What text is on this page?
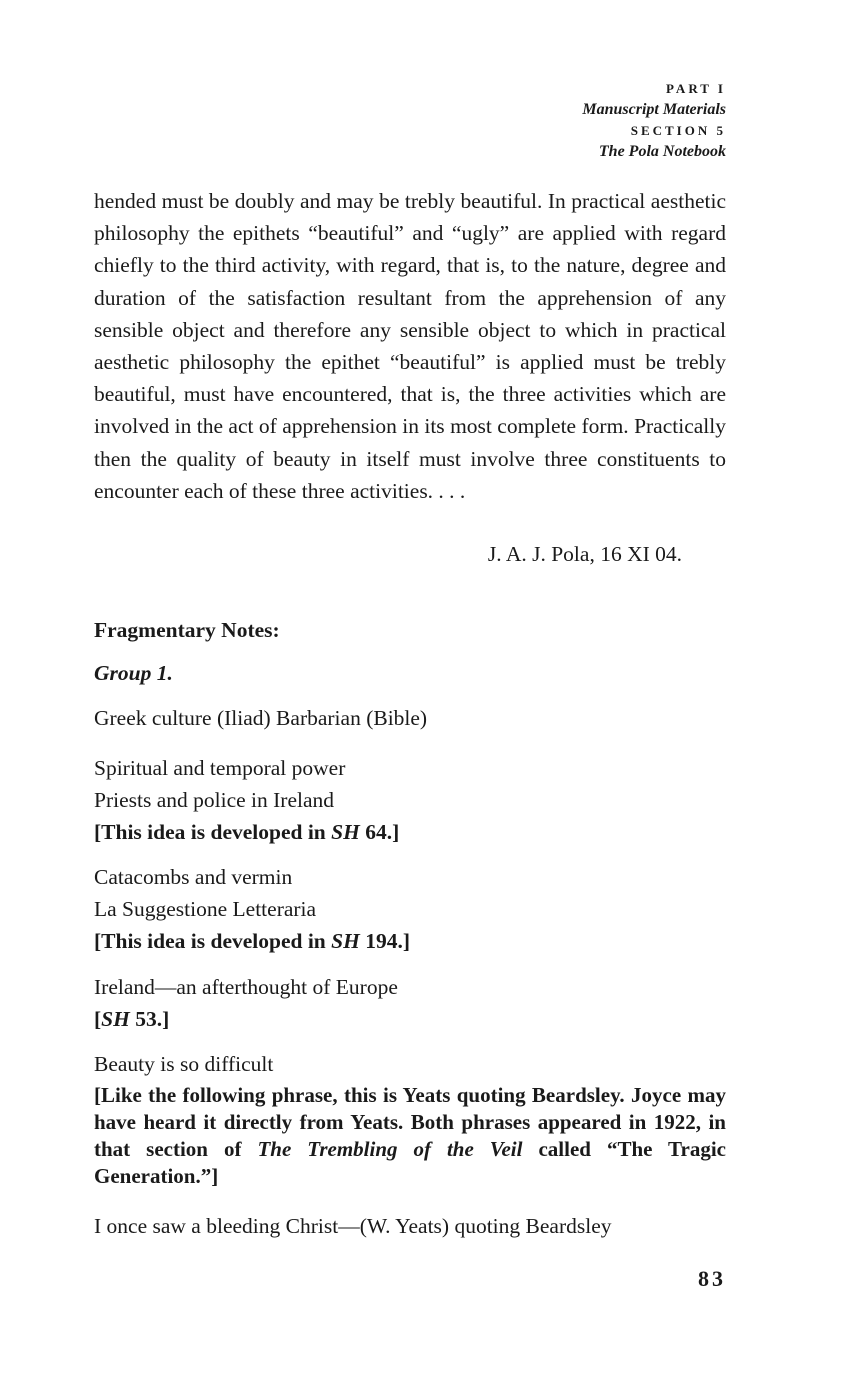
PART I
Manuscript Materials
SECTION 5
The Pola Notebook

hended must be doubly and may be trebly beautiful. In practical aesthetic philosophy the epithets “beautiful” and “ugly” are applied with regard chiefly to the third activity, with regard, that is, to the nature, degree and duration of the satisfaction resultant from the apprehension of any sensible object and therefore any sensible object to which in practical aesthetic philosophy the epithet “beautiful” is applied must be trebly beautiful, must have encountered, that is, the three activities which are involved in the act of apprehension in its most complete form. Practically then the quality of beauty in itself must involve three constituents to encounter each of these three activities. . . .

J. A. J. Pola, 16 XI 04.
Fragmentary Notes:
Group 1.
Greek culture (Iliad) Barbarian (Bible)
Spiritual and temporal power
Priests and police in Ireland
[This idea is developed in SH 64.]
Catacombs and vermin
La Suggestione Letteraria
[This idea is developed in SH 194.]
Ireland—an afterthought of Europe
[SH 53.]
Beauty is so difficult
[Like the following phrase, this is Yeats quoting Beardsley. Joyce may have heard it directly from Yeats. Both phrases appeared in 1922, in that section of The Trembling of the Veil called “The Tragic Generation.”]
I once saw a bleeding Christ—(W. Yeats) quoting Beardsley
83
